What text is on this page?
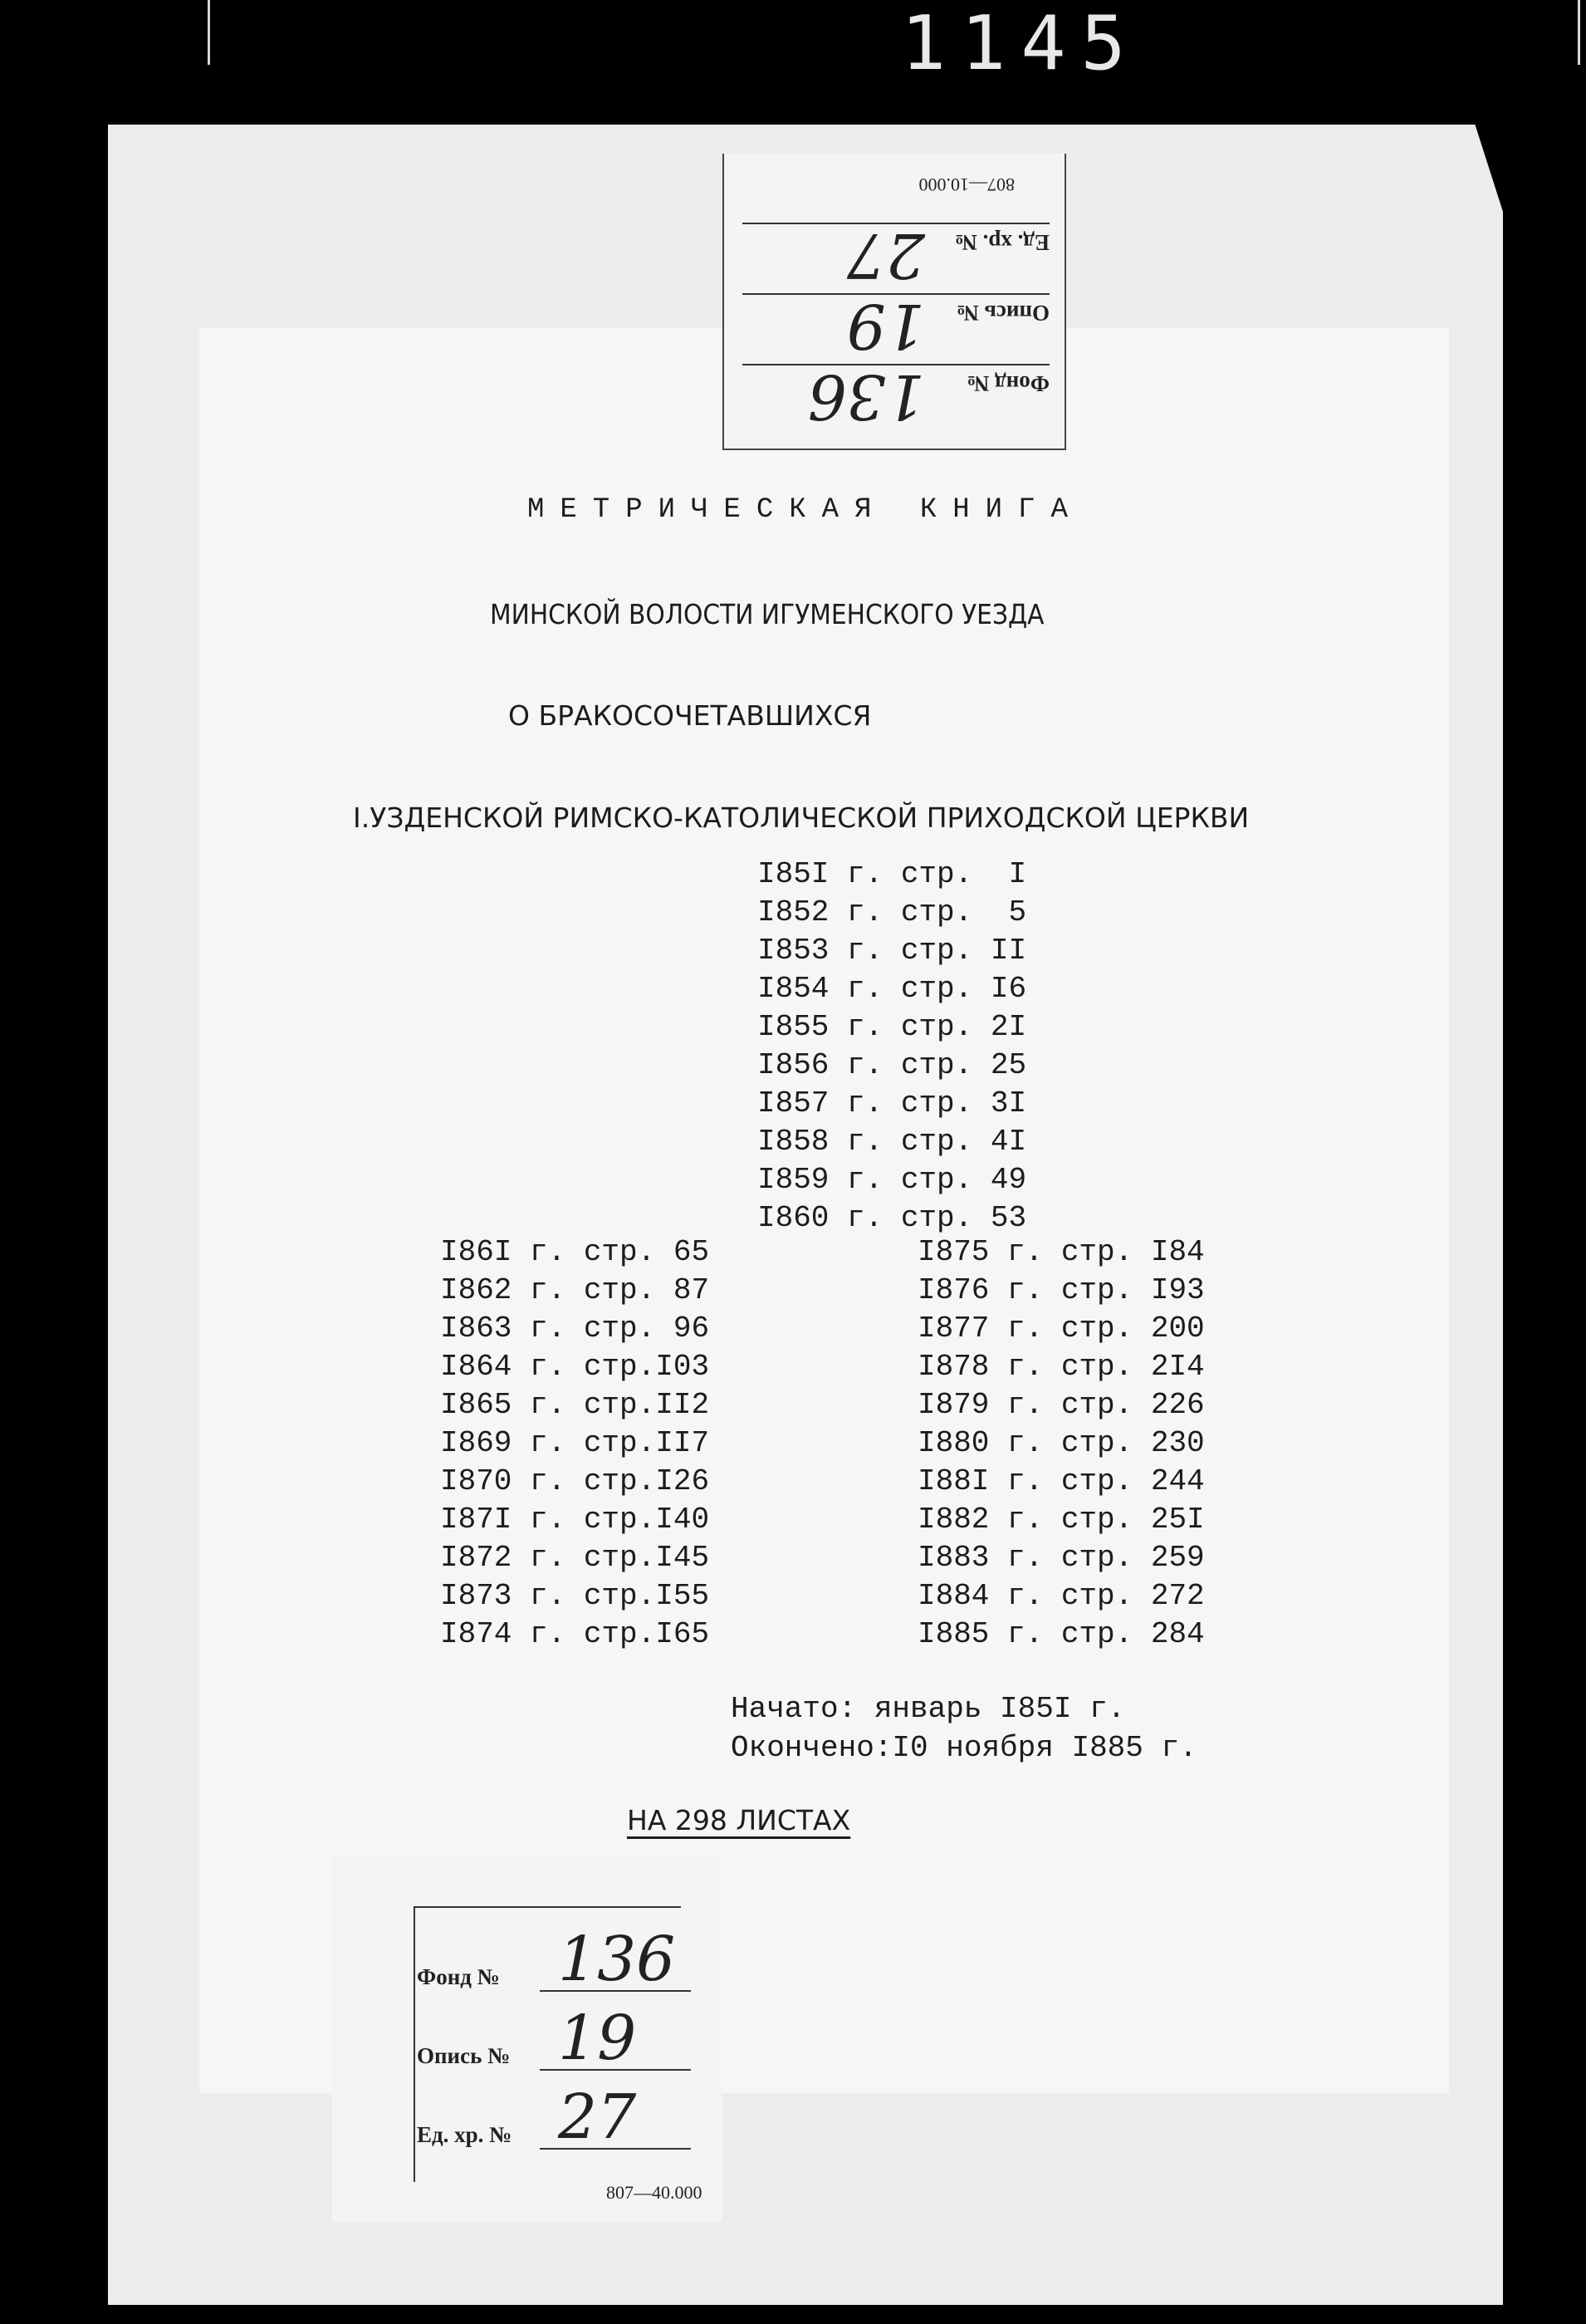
1145
Фонд №
136
Опись №
19
Ед. хр. №
27
807—10.000
МЕТРИЧЕСКАЯ КНИГА
МИНСКОЙ ВОЛОСТИ ИГУМЕНСКОГО УЕЗДА
О БРАКОСОЧЕТАВШИХСЯ
I.УЗДЕНСКОЙ РИМСКО-КАТОЛИЧЕСКОЙ ПРИХОДСКОЙ ЦЕРКВИ
I85I г. стр.  I
I852 г. стр.  5
I853 г. стр. II
I854 г. стр. I6
I855 г. стр. 2I
I856 г. стр. 25
I857 г. стр. 3I
I858 г. стр. 4I
I859 г. стр. 49
I860 г. стр. 53
I86I г. стр. 65
I862 г. стр. 87
I863 г. стр. 96
I864 г. стр.I03
I865 г. стр.II2
I869 г. стр.II7
I870 г. стр.I26
I87I г. стр.I40
I872 г. стр.I45
I873 г. стр.I55
I874 г. стр.I65
I875 г. стр. I84
I876 г. стр. I93
I877 г. стр. 200
I878 г. стр. 2I4
I879 г. стр. 226
I880 г. стр. 230
I88I г. стр. 244
I882 г. стр. 25I
I883 г. стр. 259
I884 г. стр. 272
I885 г. стр. 284
Начато: январь I85I г.
Окончено:I0 ноября I885 г.
НА 298 ЛИСТАХ
Фонд № 136
Опись № 19
Ед. хр. № 27
807—40.000
